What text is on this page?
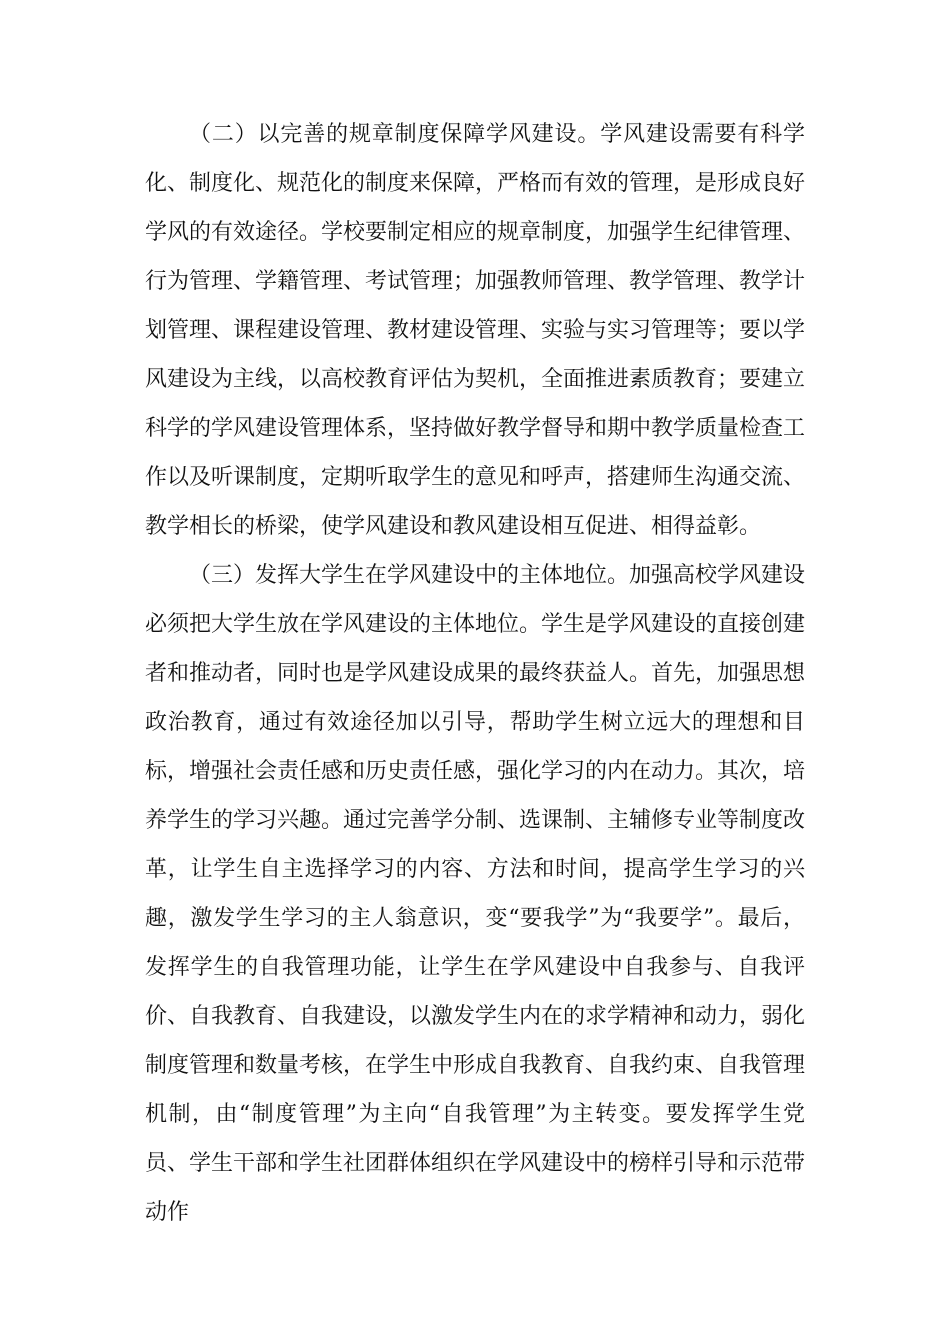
（二）以完善的规章制度保障学风建设。学风建设需要有科学化、制度化、规范化的制度来保障，严格而有效的管理，是形成良好学风的有效途径。学校要制定相应的规章制度，加强学生纪律管理、行为管理、学籍管理、考试管理；加强教师管理、教学管理、教学计划管理、课程建设管理、教材建设管理、实验与实习管理等；要以学风建设为主线，以高校教育评估为契机，全面推进素质教育；要建立科学的学风建设管理体系，坚持做好教学督导和期中教学质量检查工作以及听课制度，定期听取学生的意见和呼声，搭建师生沟通交流、教学相长的桥梁，使学风建设和教风建设相互促进、相得益彰。

（三）发挥大学生在学风建设中的主体地位。加强高校学风建设必须把大学生放在学风建设的主体地位。学生是学风建设的直接创建者和推动者，同时也是学风建设成果的最终获益人。首先，加强思想政治教育，通过有效途径加以引导，帮助学生树立远大的理想和目标，增强社会责任感和历史责任感，强化学习的内在动力。其次，培养学生的学习兴趣。通过完善学分制、选课制、主辅修专业等制度改革，让学生自主选择学习的内容、方法和时间，提高学生学习的兴趣，激发学生学习的主人翁意识，变“要我学”为“我要学”。最后，发挥学生的自我管理功能，让学生在学风建设中自我参与、自我评价、自我教育、自我建设，以激发学生内在的求学精神和动力，弱化制度管理和数量考核，在学生中形成自我教育、自我约束、自我管理机制，由“制度管理”为主向“自我管理”为主转变。要发挥学生党员、学生干部和学生社团群体组织在学风建设中的榜样引导和示范带动作
